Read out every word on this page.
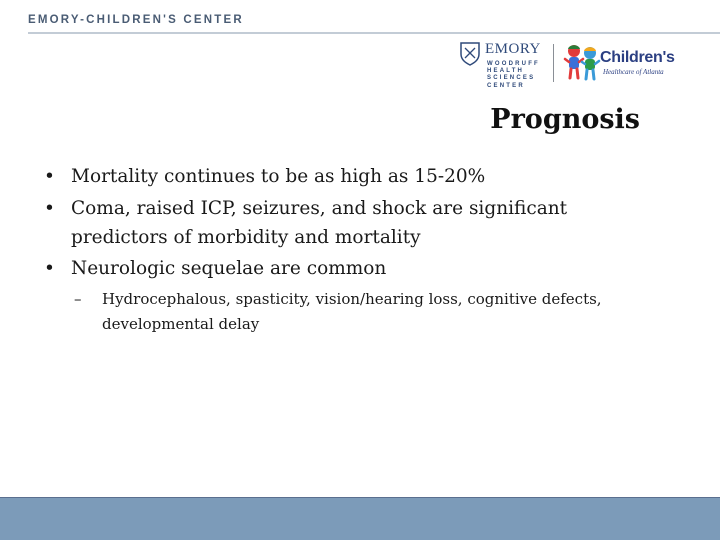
EMORY-CHILDREN'S CENTER
EMORY
WOODRUFF
HEALTH
SCIENCES
CENTER
Children's
Healthcare of Atlanta
Prognosis
• Mortality continues to be as high as 15-20%
• Coma, raised ICP, seizures, and shock are significant predictors of morbidity and mortality
• Neurologic sequelae are common
– Hydrocephalous, spasticity, vision/hearing loss, cognitive defects, developmental delay
